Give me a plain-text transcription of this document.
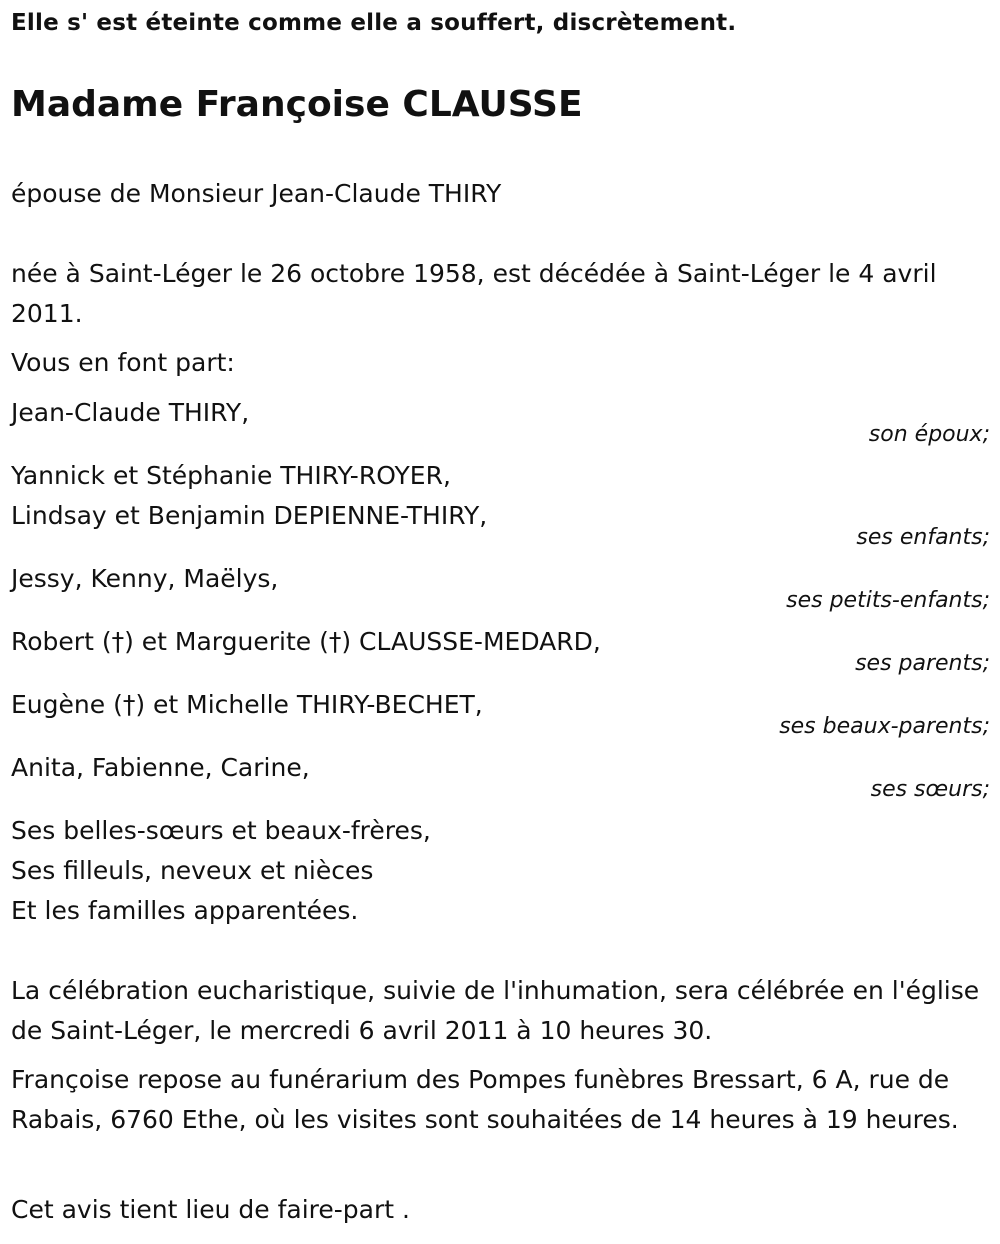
Elle s' est éteinte comme elle a souffert, discrètement.

Madame Françoise CLAUSSE

épouse de Monsieur Jean-Claude THIRY

née à Saint-Léger le 26 octobre 1958, est décédée à Saint-Léger le 4 avril 2011.

Vous en font part:

Jean-Claude THIRY,

son époux;

Yannick et Stéphanie THIRY-ROYER,

Lindsay et Benjamin DEPIENNE-THIRY,

ses enfants;

Jessy, Kenny, Maëlys,

ses petits-enfants;

Robert (†) et Marguerite (†) CLAUSSE-MEDARD,

ses parents;

Eugène (†) et Michelle THIRY-BECHET,

ses beaux-parents;

Anita, Fabienne, Carine,

ses sœurs;

Ses belles-sœurs et beaux-frères,

Ses filleuls, neveux et nièces

Et les familles apparentées.

La célébration eucharistique, suivie de l'inhumation, sera célébrée en l'église de Saint-Léger, le mercredi 6 avril 2011 à 10 heures 30.

Françoise repose au funérarium des Pompes funèbres Bressart, 6 A, rue de Rabais, 6760 Ethe, où les visites sont souhaitées de 14 heures à 19 heures.

Cet avis tient lieu de faire-part .
